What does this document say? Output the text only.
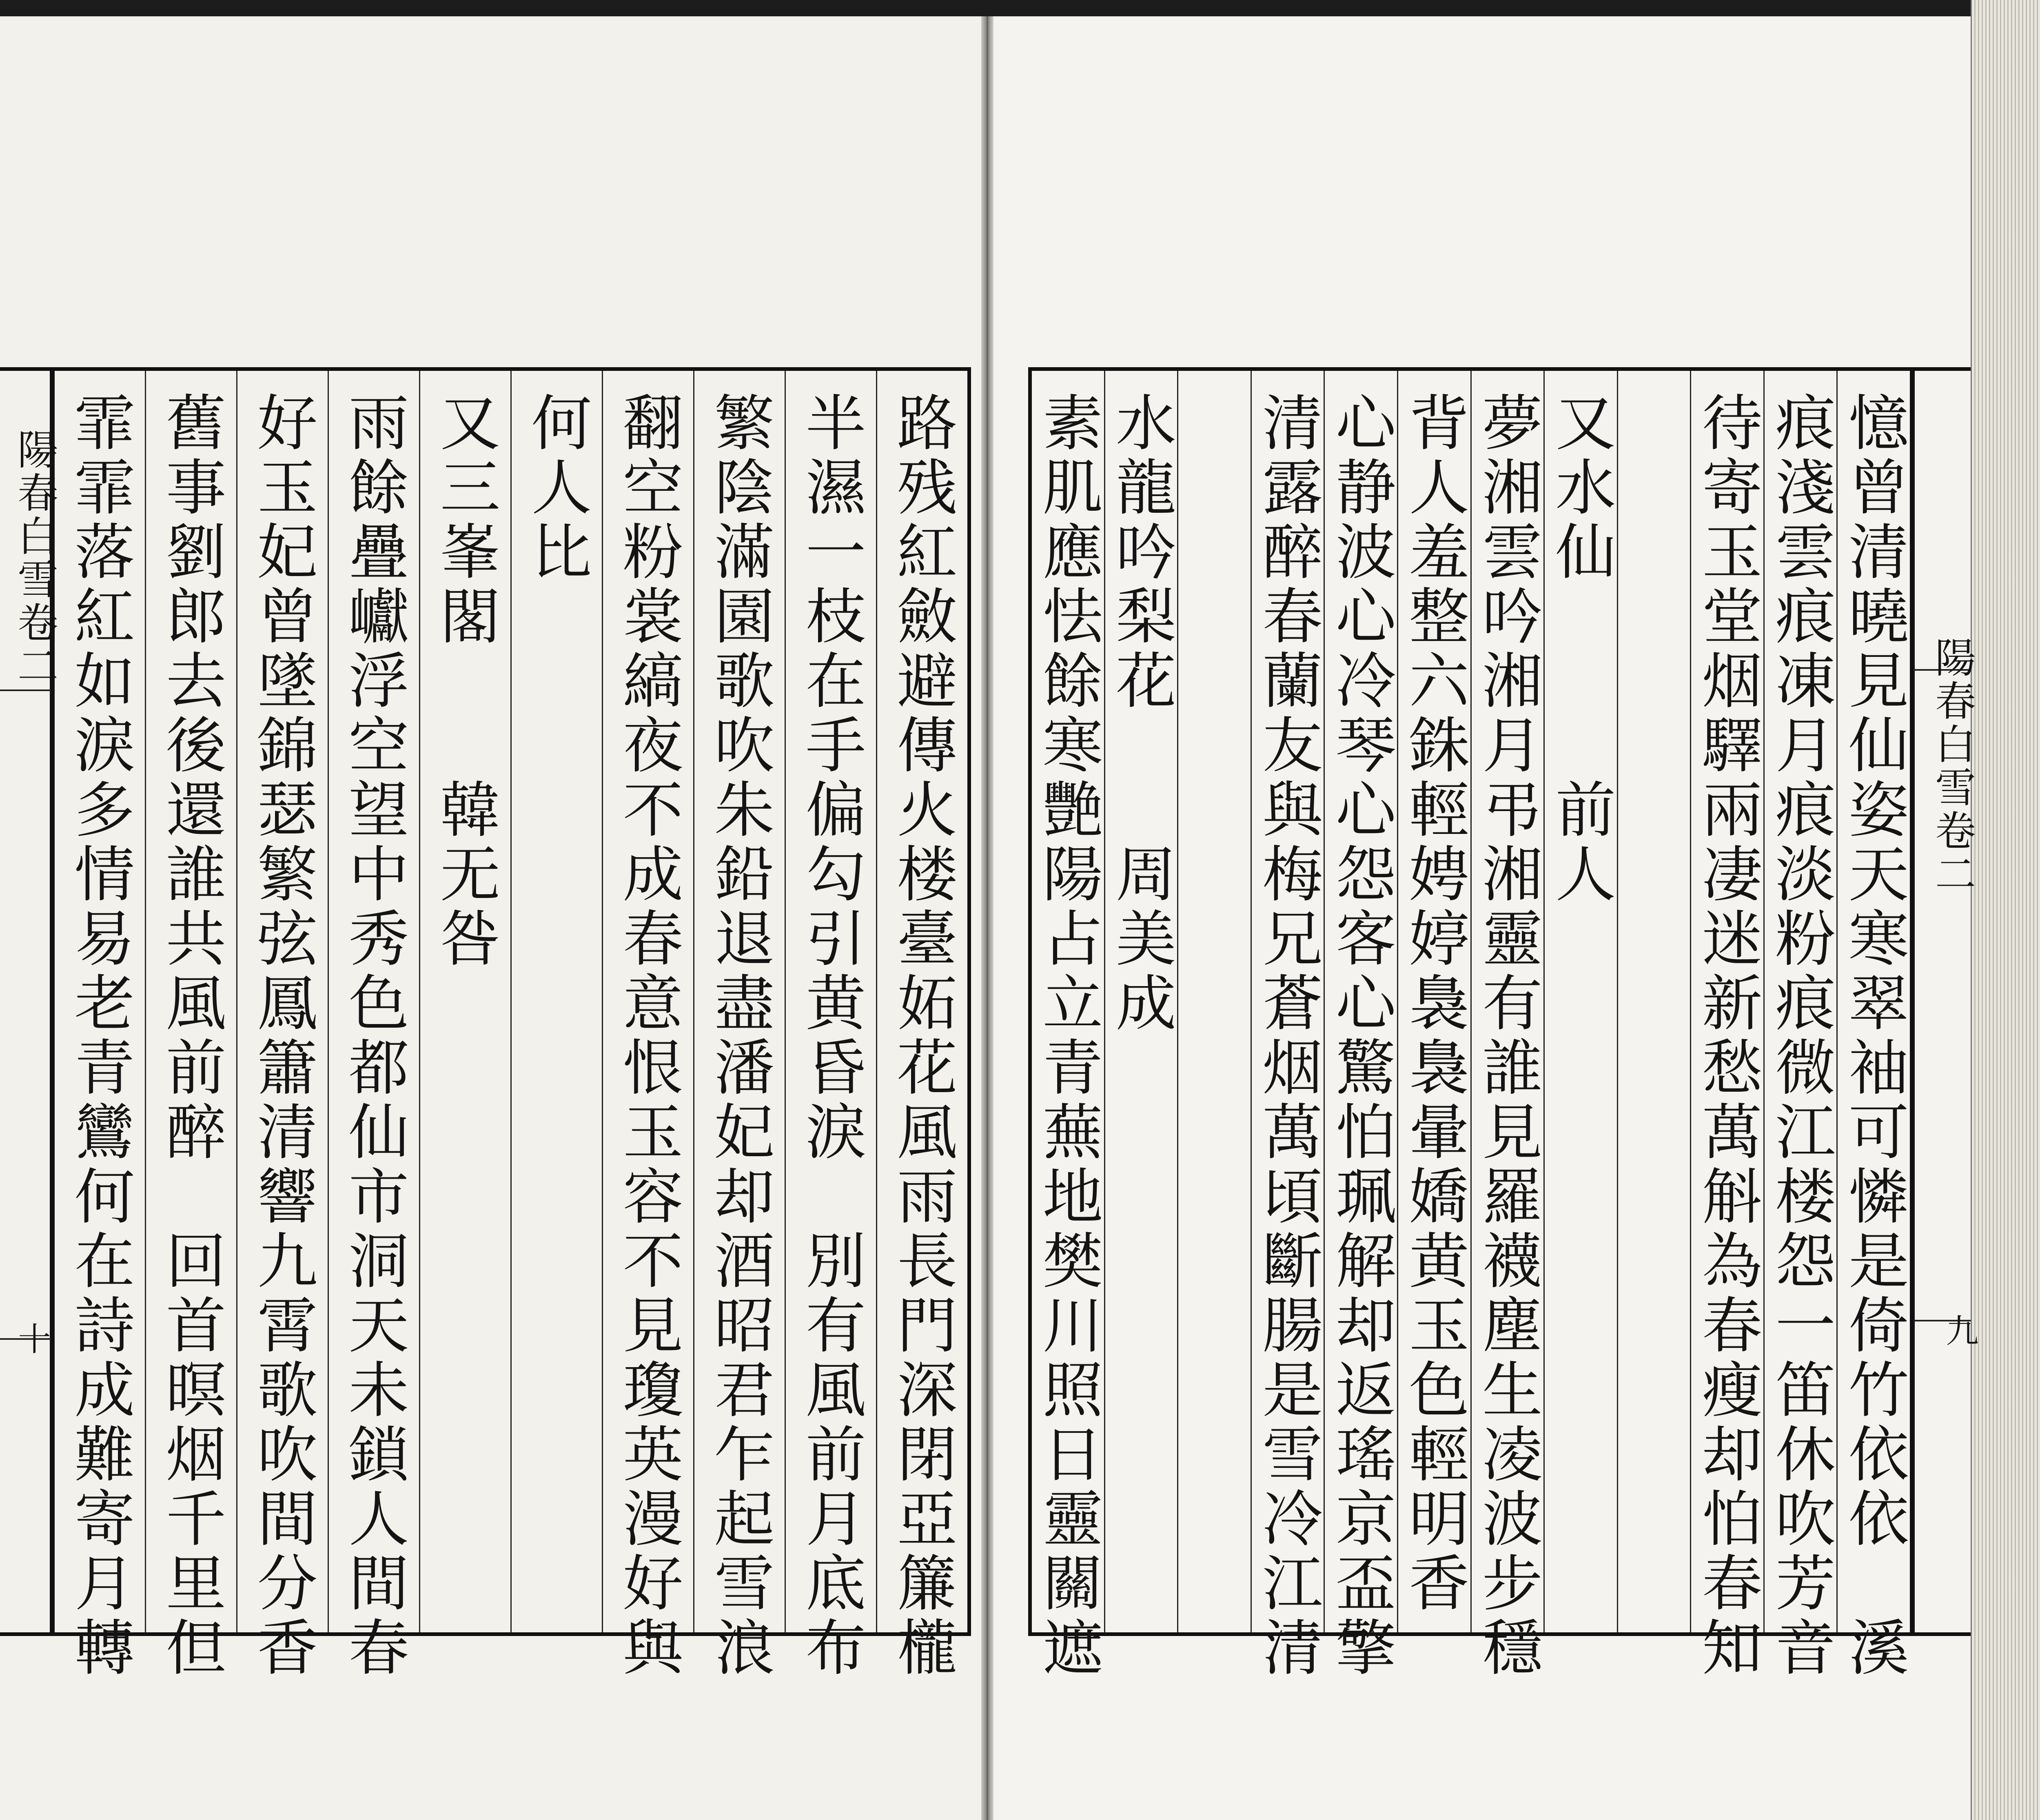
陽春白雪卷二
十
陽春白雪卷二
九
路残紅斂避傳火楼臺妬花風雨長門深閉亞簾櫳
半濕一枝在手偏勾引黄昏淚　別有風前月底布
繁陰滿園歌吹朱鉛退盡潘妃却酒昭君乍起雪浪
翻空粉裳縞夜不成春意恨玉容不見瓊英漫好與
何人比
又三峯閣　　韓无咎
雨餘疊巘浮空望中秀色都仙市洞天未鎖人間春
好玉妃曾墜錦瑟繁弦鳳簫清響九霄歌吹間分香
舊事劉郎去後還誰共風前醉　回首暝烟千里但
霏霏落紅如淚多情易老青鸞何在詩成難寄月轉	憶曾清曉見仙姿天寒翠袖可憐是倚竹依依　溪
痕淺雲痕凍月痕淡粉痕微江楼怨一笛休吹芳音
待寄玉堂烟驛兩凄迷新愁萬斛為春瘦却怕春知
又水仙　　　前人
夢湘雲吟湘月弔湘靈有誰見羅襪塵生凌波步穩
背人羞整六銖輕娉婷裊裊暈嬌黄玉色輕明香
心静波心冷琴心怨客心驚怕珮解却返瑤京盃擎
清露醉春蘭友與梅兄蒼烟萬頃斷腸是雪冷江清
水龍吟梨花　　周美成
素肌應怯餘寒艷陽占立青蕪地樊川照日靈關遮
